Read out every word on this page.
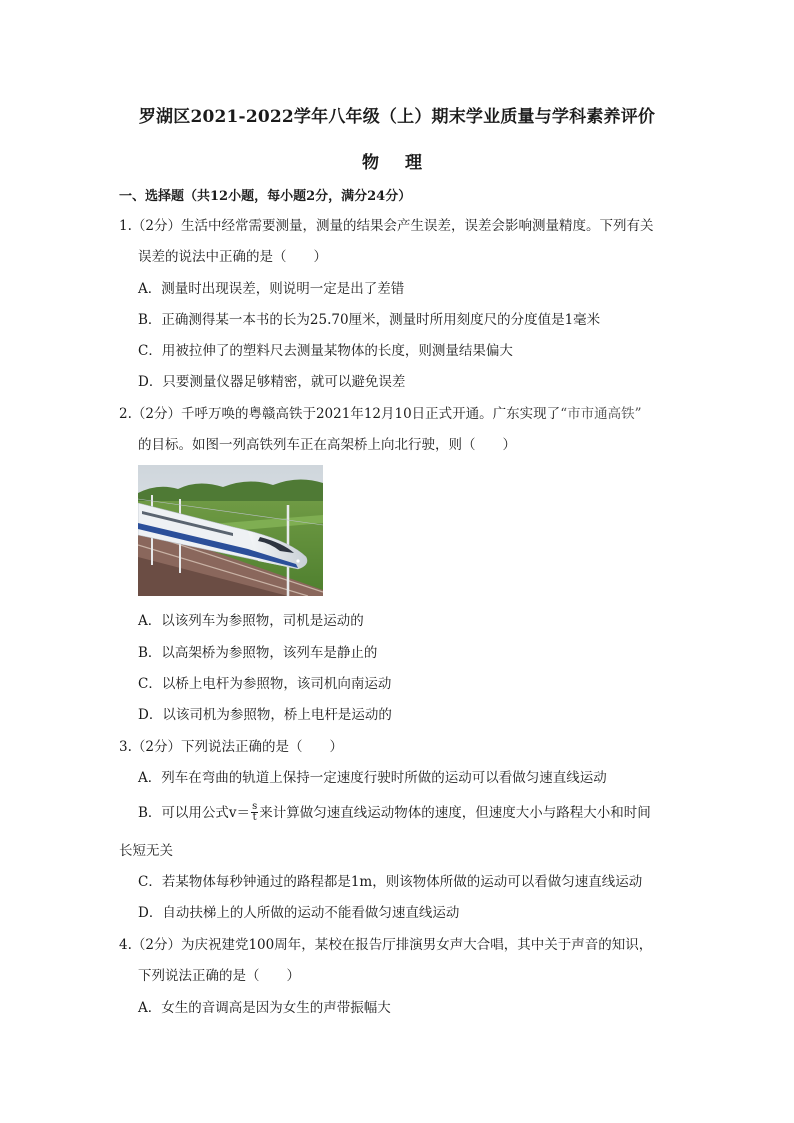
罗湖区2021-2022学年八年级（上）期末学业质量与学科素养评价
物 理
一、选择题（共12小题，每小题2分，满分24分）
1.（2分）生活中经常需要测量，测量的结果会产生误差，误差会影响测量精度。下列有关
误差的说法中正确的是（　　）
A．测量时出现误差，则说明一定是出了差错
B．正确测得某一本书的长为25.70厘米，测量时所用刻度尺的分度值是1毫米
C．用被拉伸了的塑料尺去测量某物体的长度，则测量结果偏大
D．只要测量仪器足够精密，就可以避免误差
2.（2分）千呼万唤的粤赣高铁于2021年12月10日正式开通。广东实现了“市市通高铁”
的目标。如图一列高铁列车正在高架桥上向北行驶，则（　　）
A．以该列车为参照物，司机是运动的
B．以高架桥为参照物，该列车是静止的
C．以桥上电杆为参照物，该司机向南运动
D．以该司机为参照物，桥上电杆是运动的
3.（2分）下列说法正确的是（　　）
A．列车在弯曲的轨道上保持一定速度行驶时所做的运动可以看做匀速直线运动
B．可以用公式$v= \frac{s}{t}$ 来计算做匀速直线运动物体的速度，但速度大小与路程大小和时间
长短无关
C．若某物体每秒钟通过的路程都是1m，则该物体所做的运动可以看做匀速直线运动
D．自动扶梯上的人所做的运动不能看做匀速直线运动
4.（2分）为庆祝建党100周年，某校在报告厅排演男女声大合唱，其中关于声音的知识，
下列说法正确的是（　　）
A．女生的音调高是因为女生的声带振幅大
